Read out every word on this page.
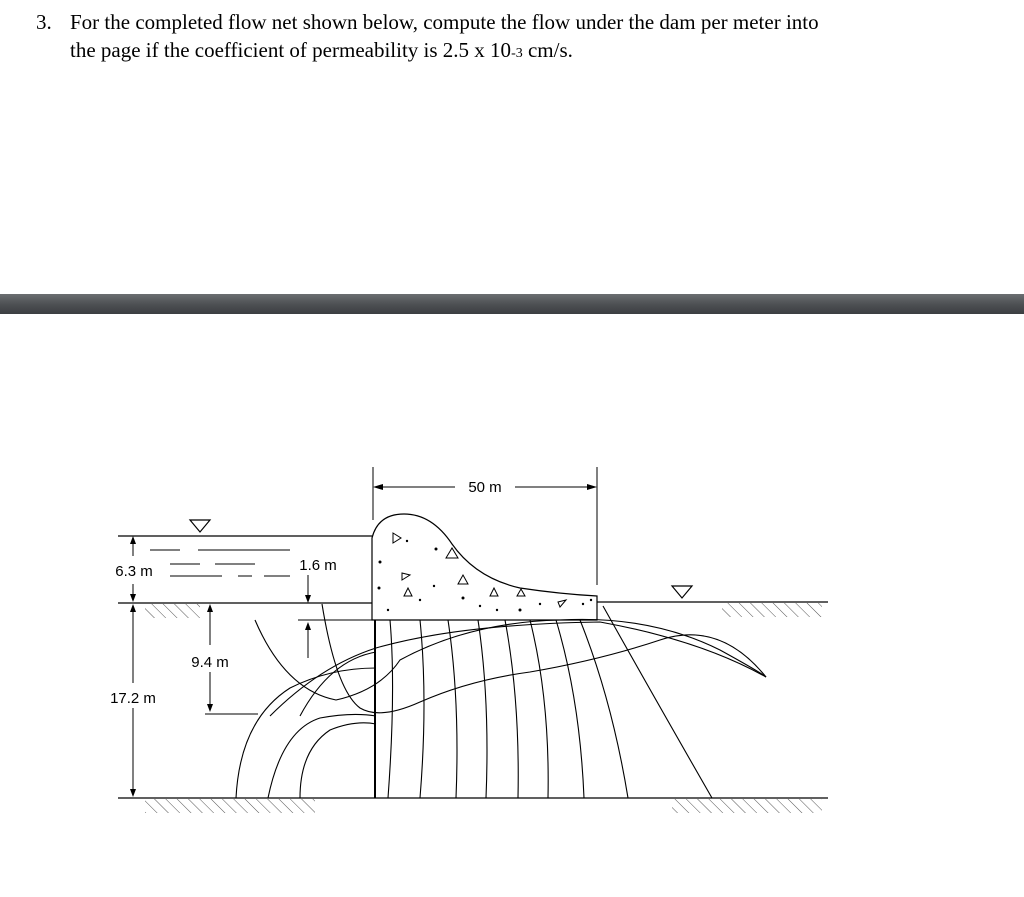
3. For the completed flow net shown below, compute the flow under the dam per meter into
the page if the coefficient of permeability is 2.5 x 10-3 cm/s.
50 m
6.3 m	1.6 m
9.4 m
17.2 m
